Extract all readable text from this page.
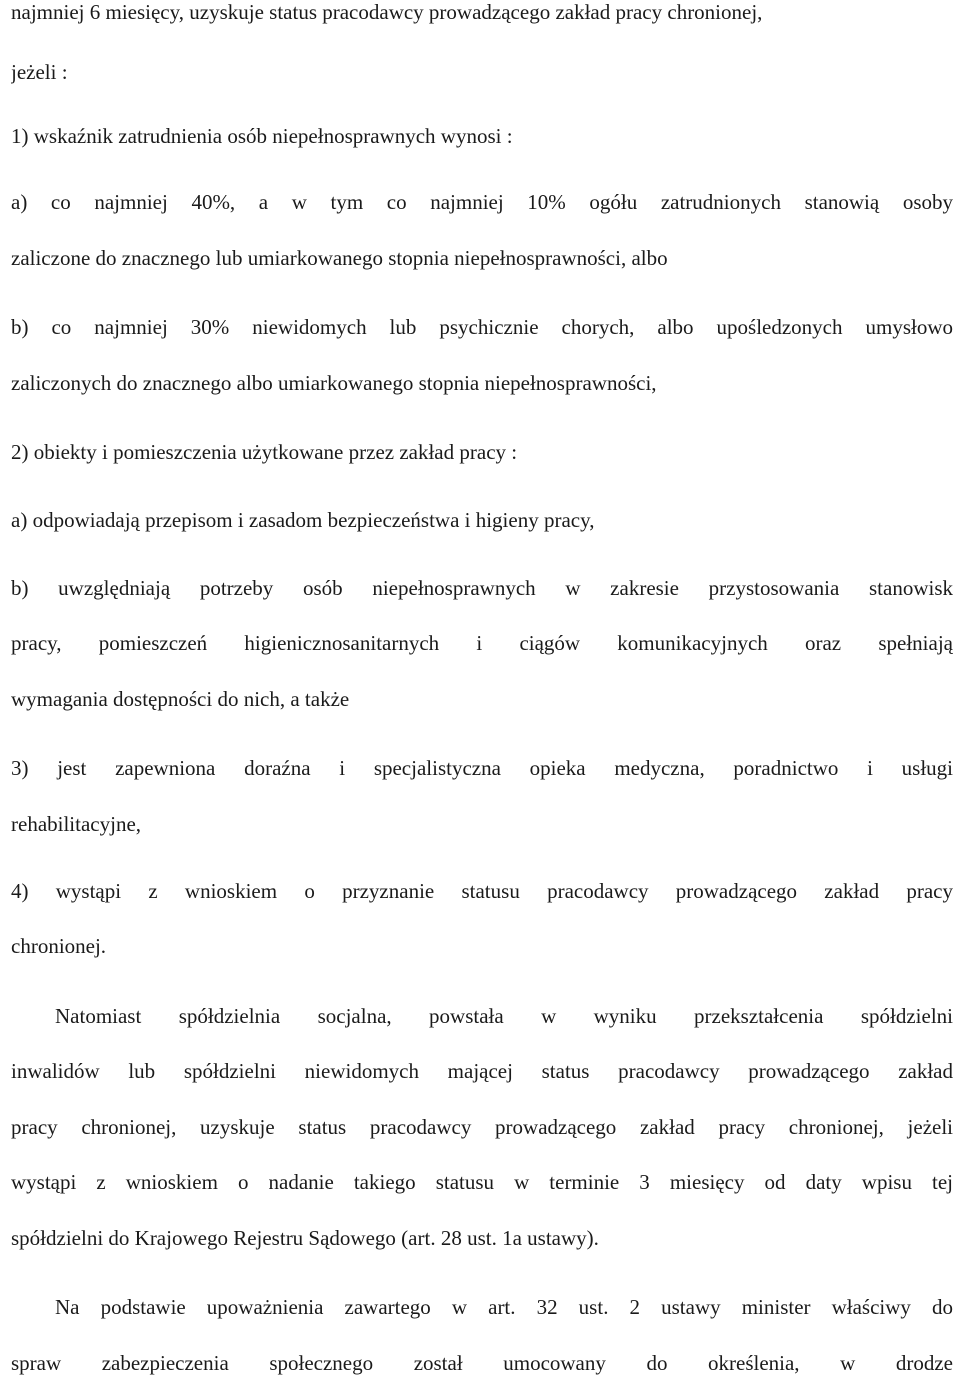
najmniej 6 miesięcy, uzyskuje status pracodawcy prowadzącego zakład pracy chronionej,
jeżeli :
1) wskaźnik zatrudnienia osób niepełnosprawnych wynosi :
a) co najmniej 40%, a w tym co najmniej 10% ogółu zatrudnionych stanowią osoby
zaliczone do znacznego lub umiarkowanego stopnia niepełnosprawności, albo
b) co najmniej 30% niewidomych lub psychicznie chorych, albo upośledzonych umysłowo
zaliczonych do znacznego albo umiarkowanego stopnia niepełnosprawności,
2) obiekty i pomieszczenia użytkowane przez zakład pracy :
a) odpowiadają przepisom i zasadom bezpieczeństwa i higieny pracy,
b) uwzględniają potrzeby osób niepełnosprawnych w zakresie przystosowania stanowisk
pracy, pomieszczeń higienicznosanitarnych i ciągów komunikacyjnych oraz spełniają
wymagania dostępności do nich, a także
3) jest zapewniona doraźna i specjalistyczna opieka medyczna, poradnictwo i usługi
rehabilitacyjne,
4) wystąpi z wnioskiem o przyznanie statusu pracodawcy prowadzącego zakład pracy
chronionej.
Natomiast spółdzielnia socjalna, powstała w wyniku przekształcenia spółdzielni
inwalidów lub spółdzielni niewidomych mającej status pracodawcy prowadzącego zakład
pracy chronionej, uzyskuje status pracodawcy prowadzącego zakład pracy chronionej, jeżeli
wystąpi z wnioskiem o nadanie takiego statusu w terminie 3 miesięcy od daty wpisu tej
spółdzielni do Krajowego Rejestru Sądowego (art. 28 ust. 1a ustawy).
Na podstawie upoważnienia zawartego w art. 32 ust. 2 ustawy minister właściwy do
spraw zabezpieczenia społecznego został umocowany do określenia, w drodze
